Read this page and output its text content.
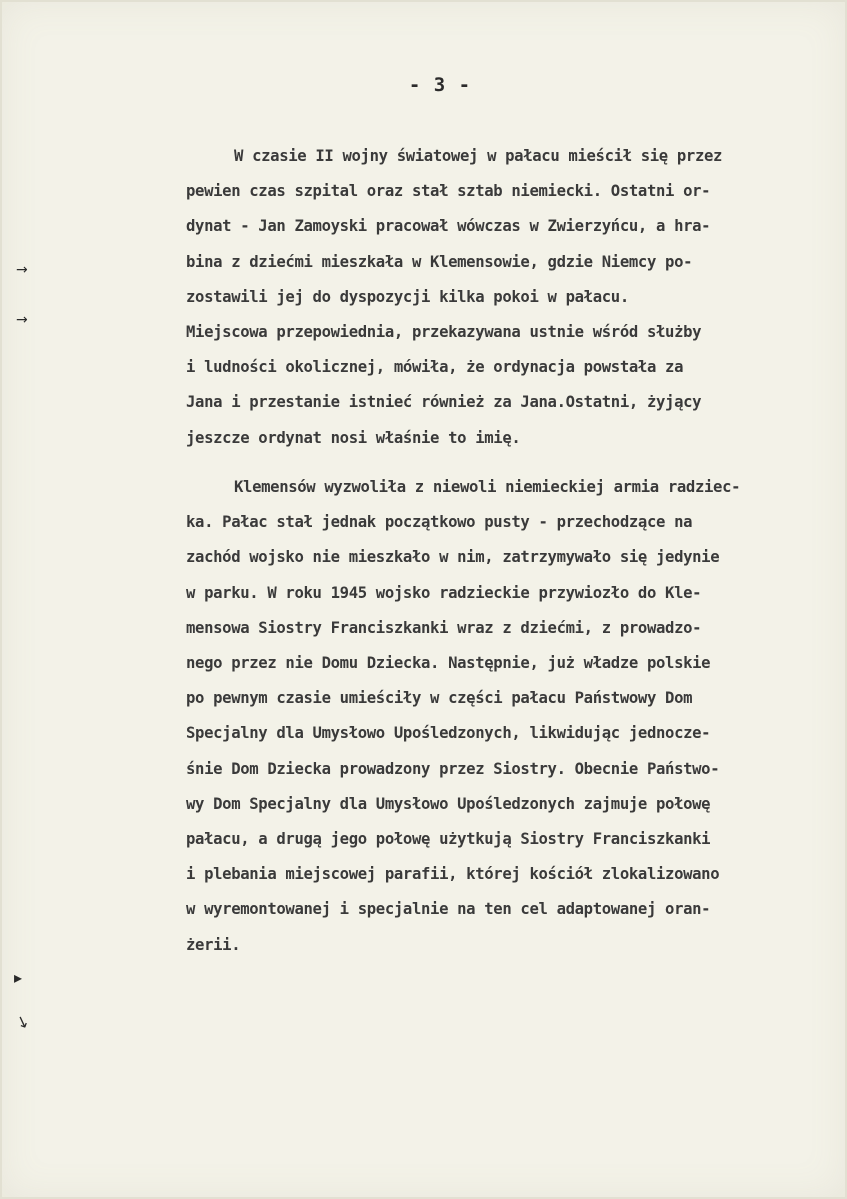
- 3 -
→
→
▸
↘
W czasie II wojny światowej w pałacu mieścił się przez
pewien czas szpital oraz stał sztab niemiecki. Ostatni or-
dynat - Jan Zamoyski pracował wówczas w Zwierzyńcu, a hra-
bina z dziećmi mieszkała w Klemensowie, gdzie Niemcy po-
zostawili jej do dyspozycji kilka pokoi w pałacu.
Miejscowa przepowiednia, przekazywana ustnie wśród służby
i ludności okolicznej, mówiła, że ordynacja powstała za
Jana i przestanie istnieć również za Jana.Ostatni, żyjący
jeszcze ordynat nosi właśnie to imię.
Klemensów wyzwoliła z niewoli niemieckiej armia radziec-
ka. Pałac stał jednak początkowo pusty - przechodzące na
zachód wojsko nie mieszkało w nim, zatrzymywało się jedynie
w parku. W roku 1945 wojsko radzieckie przywiozło do Kle-
mensowa Siostry Franciszkanki wraz z dziećmi, z prowadzo-
nego przez nie Domu Dziecka. Następnie, już władze polskie
po pewnym czasie umieściły w części pałacu Państwowy Dom
Specjalny dla Umysłowo Upośledzonych, likwidując jednocze-
śnie Dom Dziecka prowadzony przez Siostry. Obecnie Państwo-
wy Dom Specjalny dla Umysłowo Upośledzonych zajmuje połowę
pałacu, a drugą jego połowę użytkują Siostry Franciszkanki
i plebania miejscowej parafii, której kościół zlokalizowano
w wyremontowanej i specjalnie na ten cel adaptowanej oran-
żerii.
